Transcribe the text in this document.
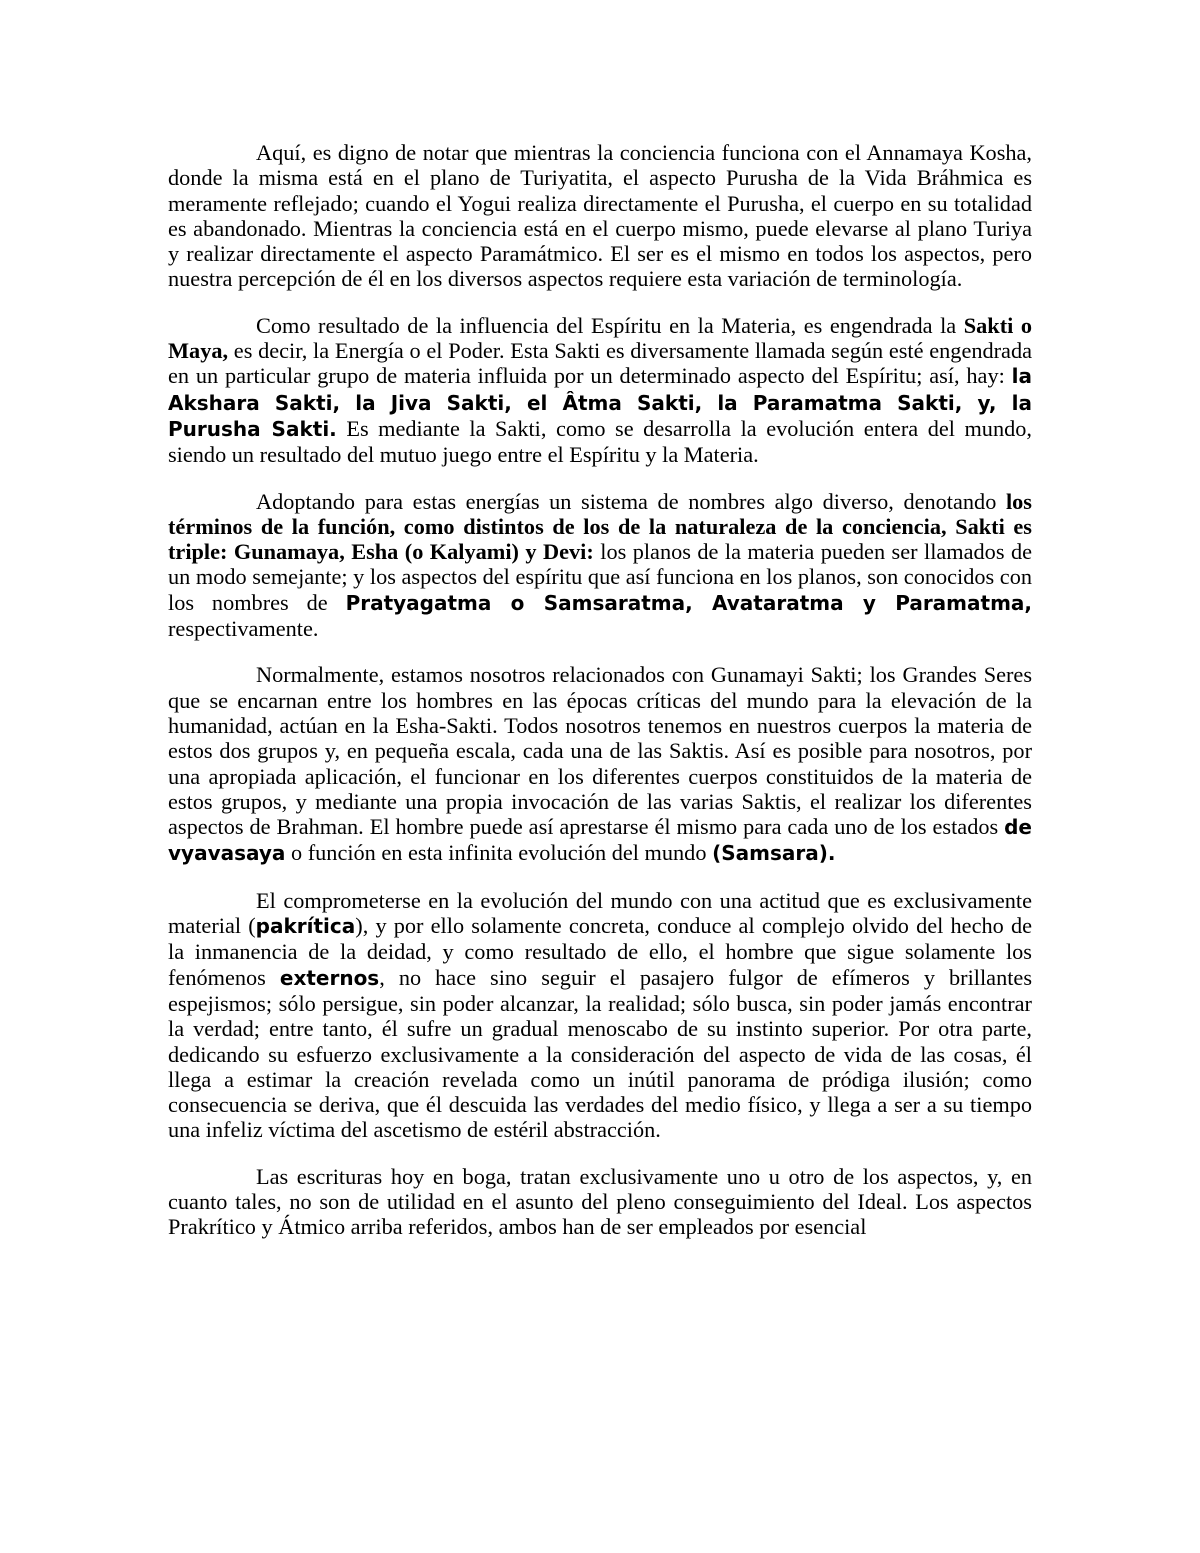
Aquí, es digno de notar que mientras la conciencia funciona con el Annamaya Kosha, donde la misma está en el plano de Turiyatita, el aspecto Purusha de la Vida Bráhmica es meramente reflejado; cuando el Yogui realiza directamente el Purusha, el cuerpo en su totalidad es abandonado. Mientras la conciencia está en el cuerpo mismo, puede elevarse al plano Turiya y realizar directamente el aspecto Paramátmico. El ser es el mismo en todos los aspectos, pero nuestra percepción de él en los diversos aspectos requiere esta variación de terminología.

Como resultado de la influencia del Espíritu en la Materia, es engendrada la Sakti o Maya, es decir, la Energía o el Poder. Esta Sakti es diversamente llamada según esté engendrada en un particular grupo de materia influida por un determinado aspecto del Espíritu; así, hay: la Akshara Sakti, la Jiva Sakti, el Âtma Sakti, la Paramatma Sakti, y, la Purusha Sakti. Es mediante la Sakti, como se desarrolla la evolución entera del mundo, siendo un resultado del mutuo juego entre el Espíritu y la Materia.

Adoptando para estas energías un sistema de nombres algo diverso, denotando los términos de la función, como distintos de los de la naturaleza de la conciencia, Sakti es triple: Gunamaya, Esha (o Kalyami) y Devi: los planos de la materia pueden ser llamados de un modo semejante; y los aspectos del espíritu que así funciona en los planos, son conocidos con los nombres de Pratyagatma o Samsaratma, Avataratma y Paramatma, respectivamente.

Normalmente, estamos nosotros relacionados con Gunamayi Sakti; los Grandes Seres que se encarnan entre los hombres en las épocas críticas del mundo para la elevación de la humanidad, actúan en la Esha-Sakti. Todos nosotros tenemos en nuestros cuerpos la materia de estos dos grupos y, en pequeña escala, cada una de las Saktis. Así es posible para nosotros, por una apropiada aplicación, el funcionar en los diferentes cuerpos constituidos de la materia de estos grupos, y mediante una propia invocación de las varias Saktis, el realizar los diferentes aspectos de Brahman. El hombre puede así aprestarse él mismo para cada uno de los estados de vyavasaya o función en esta infinita evolución del mundo (Samsara).

El comprometerse en la evolución del mundo con una actitud que es exclusivamente material (pakrítica), y por ello solamente concreta, conduce al complejo olvido del hecho de la inmanencia de la deidad, y como resultado de ello, el hombre que sigue solamente los fenómenos externos, no hace sino seguir el pasajero fulgor de efímeros y brillantes espejismos; sólo persigue, sin poder alcanzar, la realidad; sólo busca, sin poder jamás encontrar la verdad; entre tanto, él sufre un gradual menoscabo de su instinto superior. Por otra parte, dedicando su esfuerzo exclusivamente a la consideración del aspecto de vida de las cosas, él llega a estimar la creación revelada como un inútil panorama de pródiga ilusión; como consecuencia se deriva, que él descuida las verdades del medio físico, y llega a ser a su tiempo una infeliz víctima del ascetismo de estéril abstracción.

Las escrituras hoy en boga, tratan exclusivamente uno u otro de los aspectos, y, en cuanto tales, no son de utilidad en el asunto del pleno conseguimiento del Ideal. Los aspectos Prakrítico y Átmico arriba referidos, ambos han de ser empleados por esencial
